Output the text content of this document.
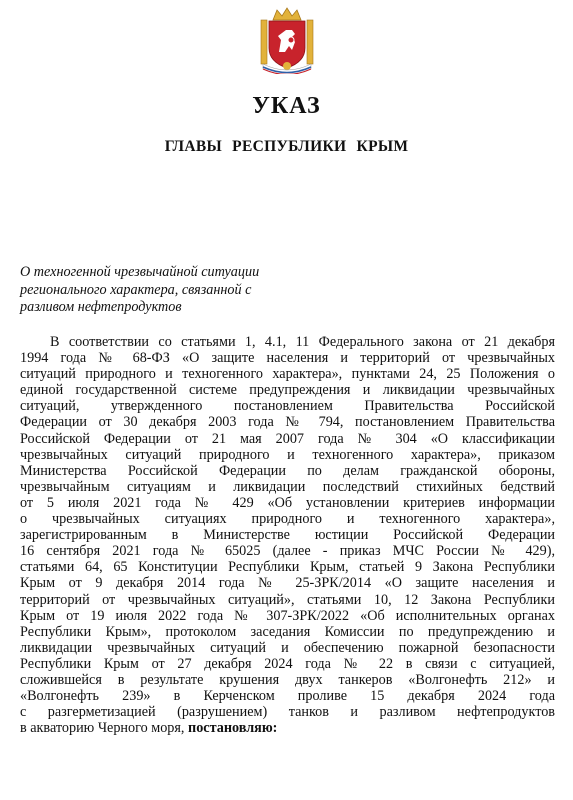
УКАЗ
ГЛАВЫ РЕСПУБЛИКИ КРЫМ
О техногенной чрезвычайной ситуации
регионального характера, связанной с
разливом нефтепродуктов
В соответствии со статьями 1, 4.1, 11 Федерального закона от 21 декабря
1994 года № 68-ФЗ «О защите населения и территорий от чрезвычайных
ситуаций природного и техногенного характера», пунктами 24, 25 Положения о
единой государственной системе предупреждения и ликвидации чрезвычайных
ситуаций, утвержденного постановлением Правительства Российской
Федерации от 30 декабря 2003 года № 794, постановлением Правительства
Российской Федерации от 21 мая 2007 года № 304 «О классификации
чрезвычайных ситуаций природного и техногенного характера», приказом
Министерства Российской Федерации по делам гражданской обороны,
чрезвычайным ситуациям и ликвидации последствий стихийных бедствий
от 5 июля 2021 года № 429 «Об установлении критериев информации
о чрезвычайных ситуациях природного и техногенного характера»,
зарегистрированным в Министерстве юстиции Российской Федерации
16 сентября 2021 года № 65025 (далее - приказ МЧС России № 429),
статьями 64, 65 Конституции Республики Крым, статьей 9 Закона Республики
Крым от 9 декабря 2014 года № 25-ЗРК/2014 «О защите населения и
территорий от чрезвычайных ситуаций», статьями 10, 12 Закона Республики
Крым от 19 июля 2022 года № 307-ЗРК/2022 «Об исполнительных органах
Республики Крым», протоколом заседания Комиссии по предупреждению и
ликвидации чрезвычайных ситуаций и обеспечению пожарной безопасности
Республики Крым от 27 декабря 2024 года № 22 в связи с ситуацией,
сложившейся в результате крушения двух танкеров «Волгонефть 212» и
«Волгонефть 239» в Керченском проливе 15 декабря 2024 года
с разгерметизацией (разрушением) танков и разливом нефтепродуктов
в акваторию Черного моря, постановляю:
